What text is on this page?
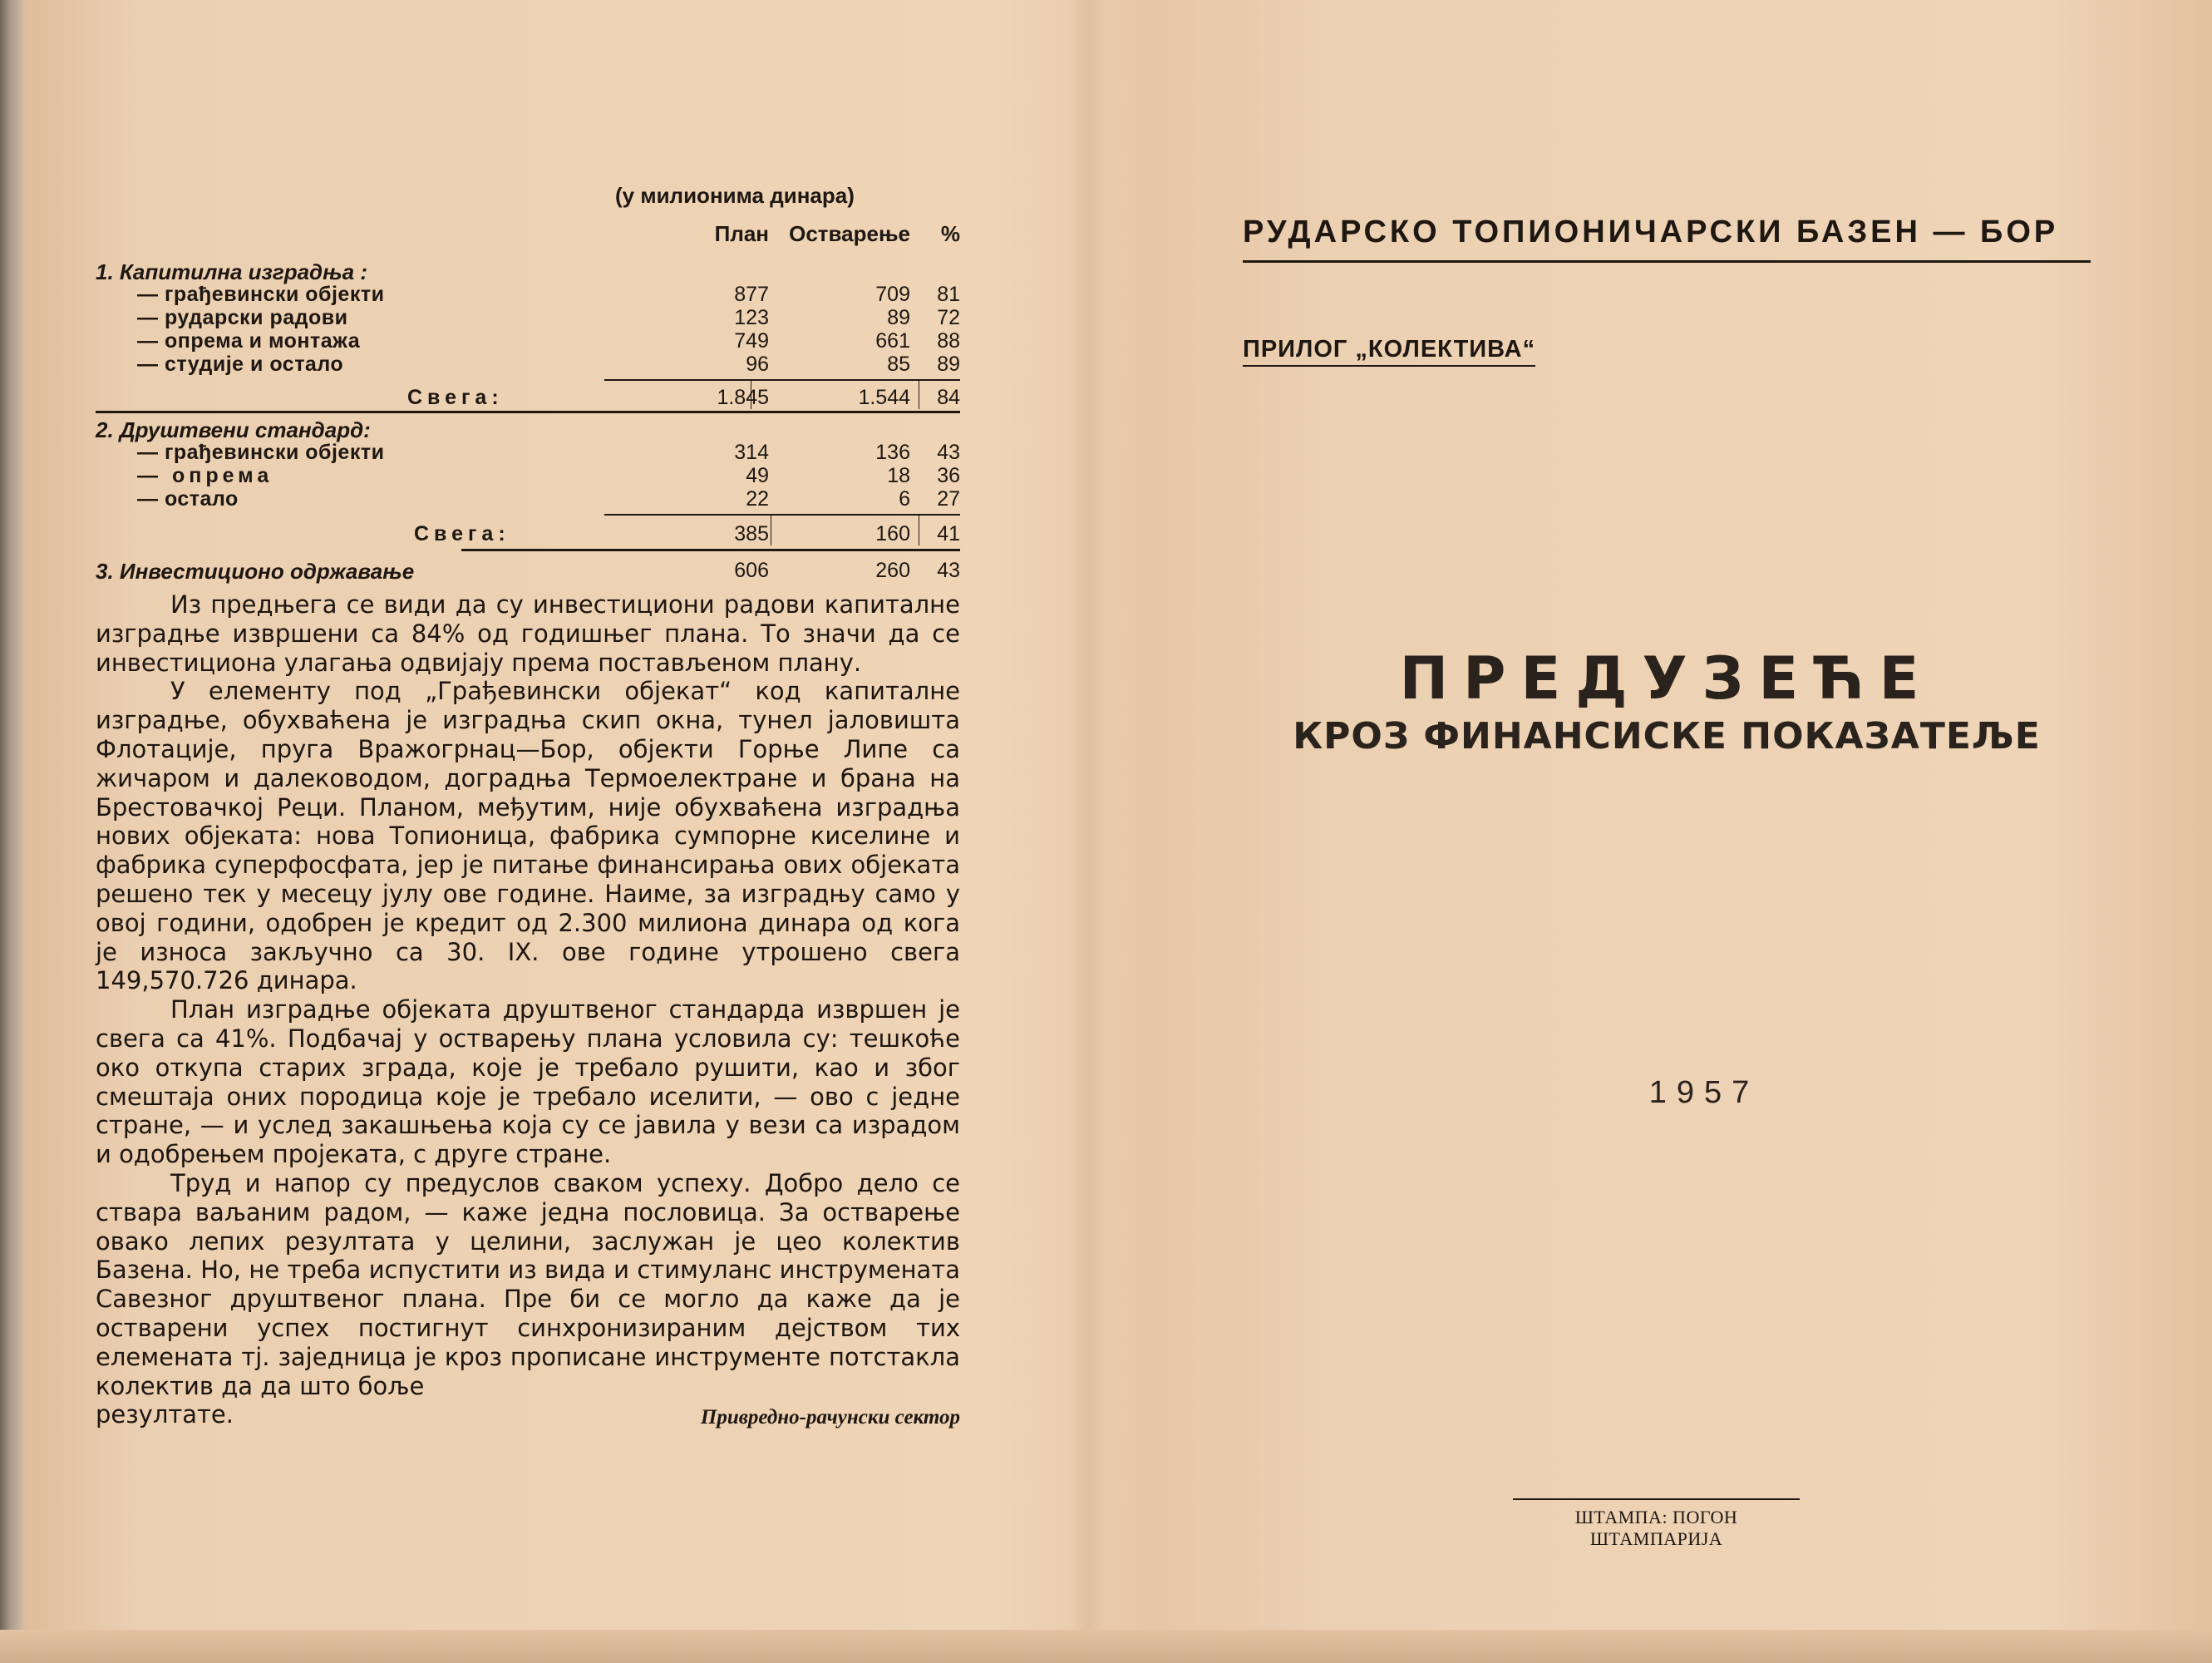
(у милионима динара)
План Остварење	%
1. Капитилна изградња :
— грађевински објекти	877	709	81
— рударски радови	123	89	72
— опрема и монтажа	749	661	88
— студије и остало	96	85	89
Свега:	1.845	1.544	84
2. Друштвени стандард:
— грађевински објекти	314	136	43
— опрема	49	18	36
— остало	22	6	27
Свега:	385	160	41
3. Инвестиционо одржавање	606	260	43

Из предњега се види да су инвестициони радови капиталне изградње извршени са 84% од годишњег плана. То значи да се инвестициона улагања одвијају према постављеном плану.

У елементу под „Грађевински објекат“ код капиталне изградње, обухваћена је изградња скип окна, тунел јаловишта Флотације, пруга Вражогрнац—Бор, објекти Горње Липе са жичаром и далеководом, доградња Термоелектране и брана на Брестовачкој Реци. Планом, међутим, није обухваћена изградња нових објеката: нова Топионица, фабрика сумпорне киселине и фабрика суперфосфата, јер је питање финансирања ових објеката решено тек у месецу јулу ове године. Наиме, за изградњу само у овој години, одобрен је кредит од 2.300 милиона динара од кога је износа закључно са 30. IX. ове године утрошено свега 149,570.726 динара.

План изградње објеката друштвеног стандарда извршен је свега са 41%. Подбачај у остварењу плана условила су: тешкоће око откупа старих зграда, које је требало рушити, као и због смештаја оних породица које је требало иселити, — ово с једне стране, — и услед закашњења која су се јавила у вези са израдом и одобрењем пројеката, с друге стране.

Труд и напор су предуслов сваком успеху. Добро дело се ствара ваљаним радом, — каже једна пословица. За остварење овако лепих резултата у целини, заслужан је цео колектив Базена. Но, не треба испустити из вида и стимуланс инструмената Савезног друштвеног плана. Пре би се могло да каже да је остварени успех постигнут синхронизираним дејством тих елемената тј. заједница је кроз прописане инструменте потстакла колектив да да што боље

резултате.	Привредно-рачунски сектор
РУДАРСКО ТОПИОНИЧАРСКИ БАЗЕН — БОР
ПРИЛОГ „КОЛЕКТИВА“
ПРЕДУЗЕЋЕ
КРОЗ ФИНАНСИСКЕ ПОКАЗАТЕЉЕ
1957
ШТАМПА: ПОГОН ШТАМПАРИЈА
